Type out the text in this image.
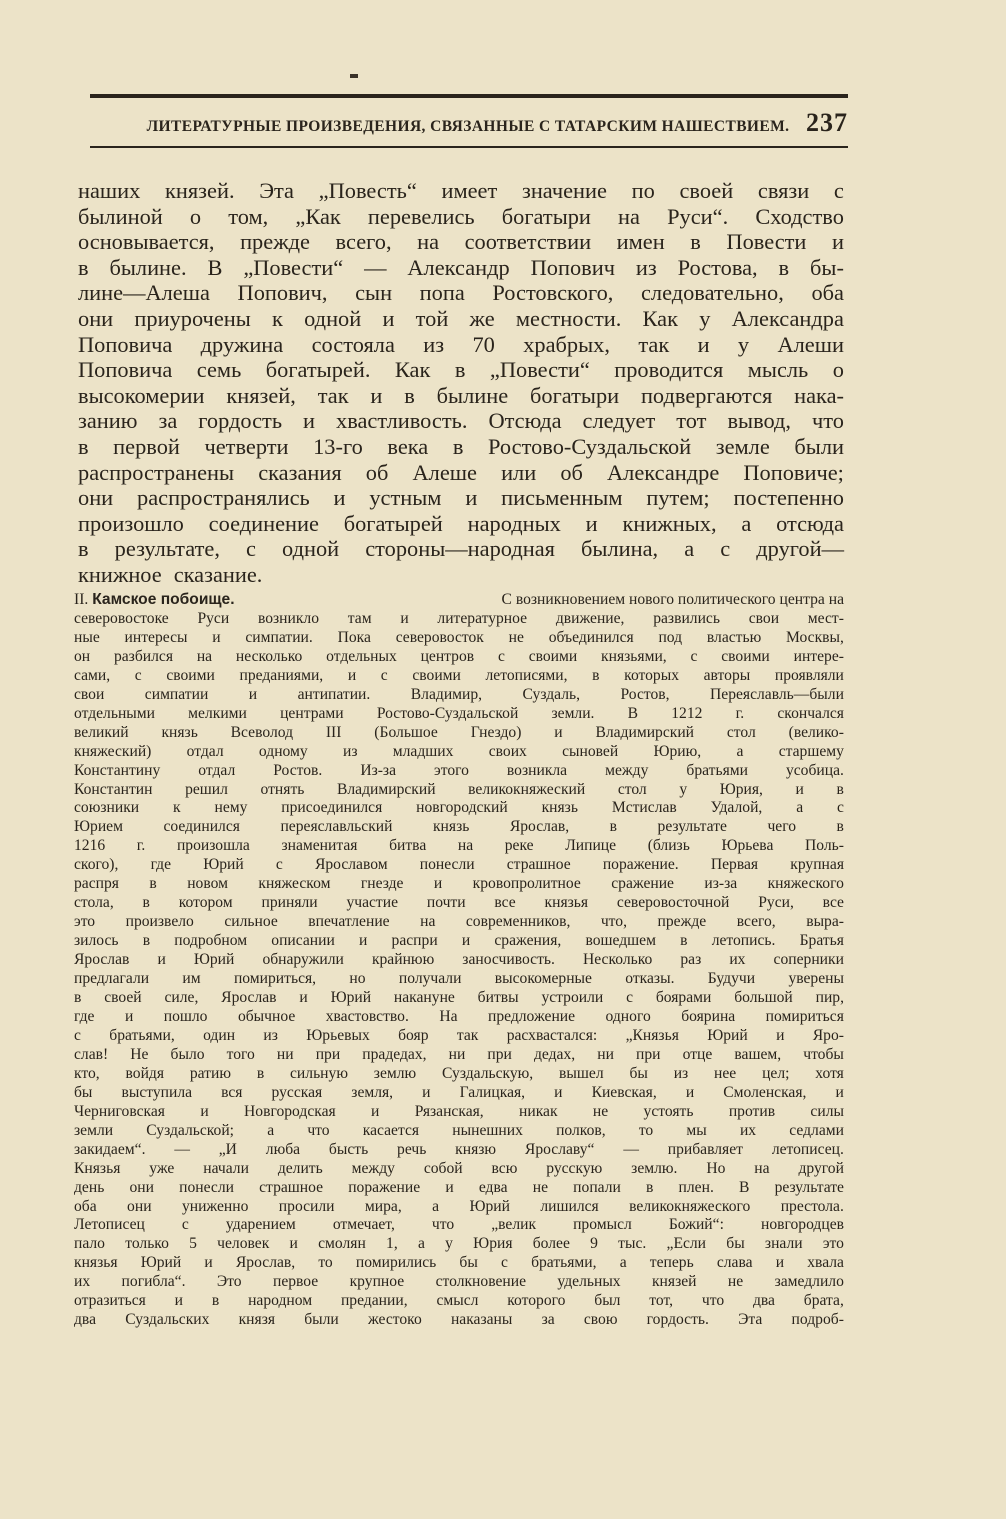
ЛИТЕРАТУРНЫЕ ПРОИЗВЕДЕНИЯ, СВЯЗАННЫЕ С ТАТАРСКИМ НАШЕСТВИЕМ. 237
наших князей. Эта „Повесть“ имеет значение по своей связи с
былиной о том, „Как перевелись богатыри на Руси“. Сходство
основывается, прежде всего, на соответствии имен в Повести и
в былине. В „Повести“ — Александр Попович из Ростова, в бы-
лине—Алеша Попович, сын попа Ростовского, следовательно, оба
они приурочены к одной и той же местности. Как у Александра
Поповича дружина состояла из 70 храбрых, так и у Алеши
Поповича семь богатырей. Как в „Повести“ проводится мысль о
высокомерии князей, так и в былине богатыри подвергаются нака-
занию за гордость и хвастливость. Отсюда следует тот вывод, что
в первой четверти 13-го века в Ростово-Суздальской земле были
распространены сказания об Алеше или об Александре Поповиче;
они распространялись и устным и письменным путем; постепенно
произошло соединение богатырей народных и книжных, а отсюда
в результате, с одной стороны—народная былина, а с другой—
книжное сказание.
II. Камское побоище.	С возникновением нового политического центра на
северовостоке Руси возникло там и литературное движение, развились свои мест-
ные интересы и симпатии. Пока северовосток не объединился под властью Москвы,
он разбился на несколько отдельных центров с своими князьями, с своими интере-
сами, с своими преданиями, и с своими летописями, в которых авторы проявляли
свои	симпатии	и	антипатии.	Владимир,	Суздаль,	Ростов,	Переяславль—были
отдельными мелкими центрами Ростово-Суздальской земли. В 1212 г. скончался
великий князь Всеволод III (Большое Гнездо) и Владимирский стол (велико-
княжеский) отдал одному из младших своих сыновей Юрию, а старшему
Константину отдал Ростов. Из-за этого возникла между братьями усобица.
Константин решил отнять Владимирский великокняжеский стол у Юрия, и в
союзники к нему присоединился новгородский князь Мстислав Удалой, а с
Юрием	соединился	переяславльский	князь	Ярослав,	в	результате	чего	в
1216 г. произошла знаменитая битва на реке Липице (близь Юрьева Поль-
ского), где Юрий с Ярославом понесли страшное поражение. Первая крупная
распря в новом княжеском гнезде и кровопролитное сражение из-за княжеского
стола, в котором приняли участие почти все князья северовосточной Руси, все
это произвело сильное впечатление на современников, что, прежде всего, выра-
зилось в подробном описании и распри и сражения, вошедшем в летопись. Братья
Ярослав и Юрий обнаружили крайнюю заносчивость. Несколько раз их соперники
предлагали им помириться, но получали высокомерные отказы. Будучи уверены
в своей силе, Ярослав и Юрий накануне битвы устроили с боярами большой пир,
где и пошло обычное хвастовство. На предложение одного боярина помириться
с братьями, один из Юрьевых бояр так расхвастался: „Князья Юрий и Яро-
слав! Не было того ни при прадедах, ни при дедах, ни при отце вашем, чтобы
кто, войдя ратию в сильную землю Суздальскую, вышел бы из нее цел; хотя
бы выступила вся русская земля, и Галицкая, и Киевская, и Смоленская, и
Черниговская и Новгородская и Рязанская, никак не устоять против силы
земли Суздальской; а что касается нынешних полков, то мы их седлами
закидаем“. — „И люба бысть речь князю Ярославу“ — прибавляет летописец.
Князья уже начали делить между собой всю русскую землю. Но на другой
день они понесли страшное поражение и едва не попали в плен. В результате
оба они униженно просили мира, а Юрий лишился великокняжеского престола.
Летописец с ударением отмечает, что „велик промысл Божий“: новгородцев
пало только 5 человек и смолян 1, а у Юрия более 9 тыс. „Если бы знали это
князья Юрий и Ярослав, то помирились бы с братьями, а теперь слава и хвала
их погибла“. Это первое крупное столкновение удельных князей не замедлило
отразиться и в народном предании, смысл которого был тот, что два брата,
два Суздальских князя были жестоко наказаны за свою гордость. Эта подроб-
